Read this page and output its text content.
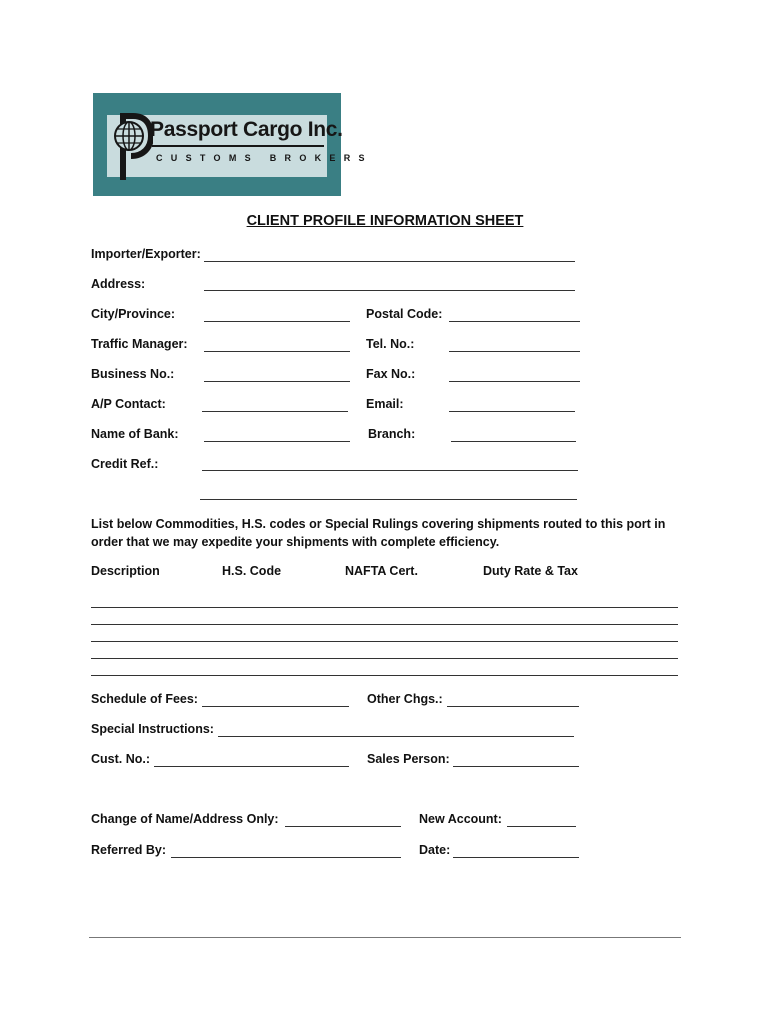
Passport Cargo Inc.
CUSTOMS BROKERS
CLIENT PROFILE INFORMATION SHEET
Importer/Exporter:
Address:
City/Province:	Postal Code:
Traffic Manager:	Tel. No.:
Business No.:	Fax No.:
A/P Contact:	Email:
Name of Bank:	Branch:
Credit Ref.:
List below Commodities, H.S. codes or Special Rulings covering shipments routed to this port in order that we may expedite your shipments with complete efficiency.
Description	H.S. Code	NAFTA Cert.	Duty Rate & Tax
Schedule of Fees:	Other Chgs.:
Special Instructions:
Cust. No.:	Sales Person:
Change of Name/Address Only:	New Account:
Referred By:	Date:
